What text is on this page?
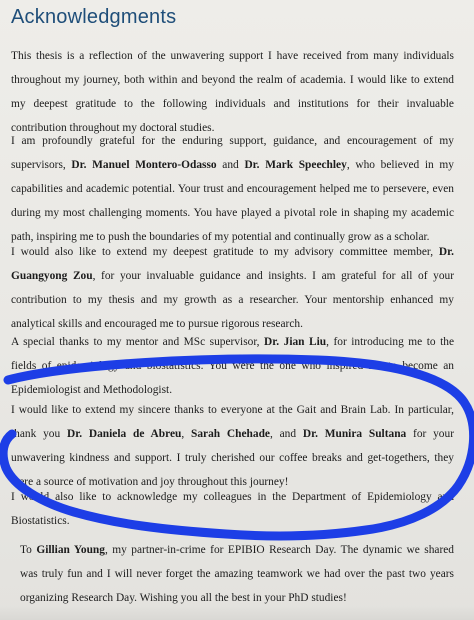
Acknowledgments

This thesis is a reflection of the unwavering support I have received from many individuals throughout my journey, both within and beyond the realm of academia. I would like to extend my deepest gratitude to the following individuals and institutions for their invaluable contribution throughout my doctoral studies.

I am profoundly grateful for the enduring support, guidance, and encouragement of my supervisors, Dr. Manuel Montero-Odasso and Dr. Mark Speechley, who believed in my capabilities and academic potential. Your trust and encouragement helped me to persevere, even during my most challenging moments. You have played a pivotal role in shaping my academic path, inspiring me to push the boundaries of my potential and continually grow as a scholar.

I would also like to extend my deepest gratitude to my advisory committee member, Dr. Guangyong Zou, for your invaluable guidance and insights. I am grateful for all of your contribution to my thesis and my growth as a researcher. Your mentorship enhanced my analytical skills and encouraged me to pursue rigorous research.

A special thanks to my mentor and MSc supervisor, Dr. Jian Liu, for introducing me to the fields of epidemiology and biostatistics. You were the one who inspired me to become an Epidemiologist and Methodologist.

I would like to extend my sincere thanks to everyone at the Gait and Brain Lab. In particular, thank you Dr. Daniela de Abreu, Sarah Chehade, and Dr. Munira Sultana for your unwavering kindness and support. I truly cherished our coffee breaks and get-togethers, they were a source of motivation and joy throughout this journey!

I would also like to acknowledge my colleagues in the Department of Epidemiology and Biostatistics.

To Gillian Young, my partner-in-crime for EPIBIO Research Day. The dynamic we shared was truly fun and I will never forget the amazing teamwork we had over the past two years organizing Research Day. Wishing you all the best in your PhD studies!
